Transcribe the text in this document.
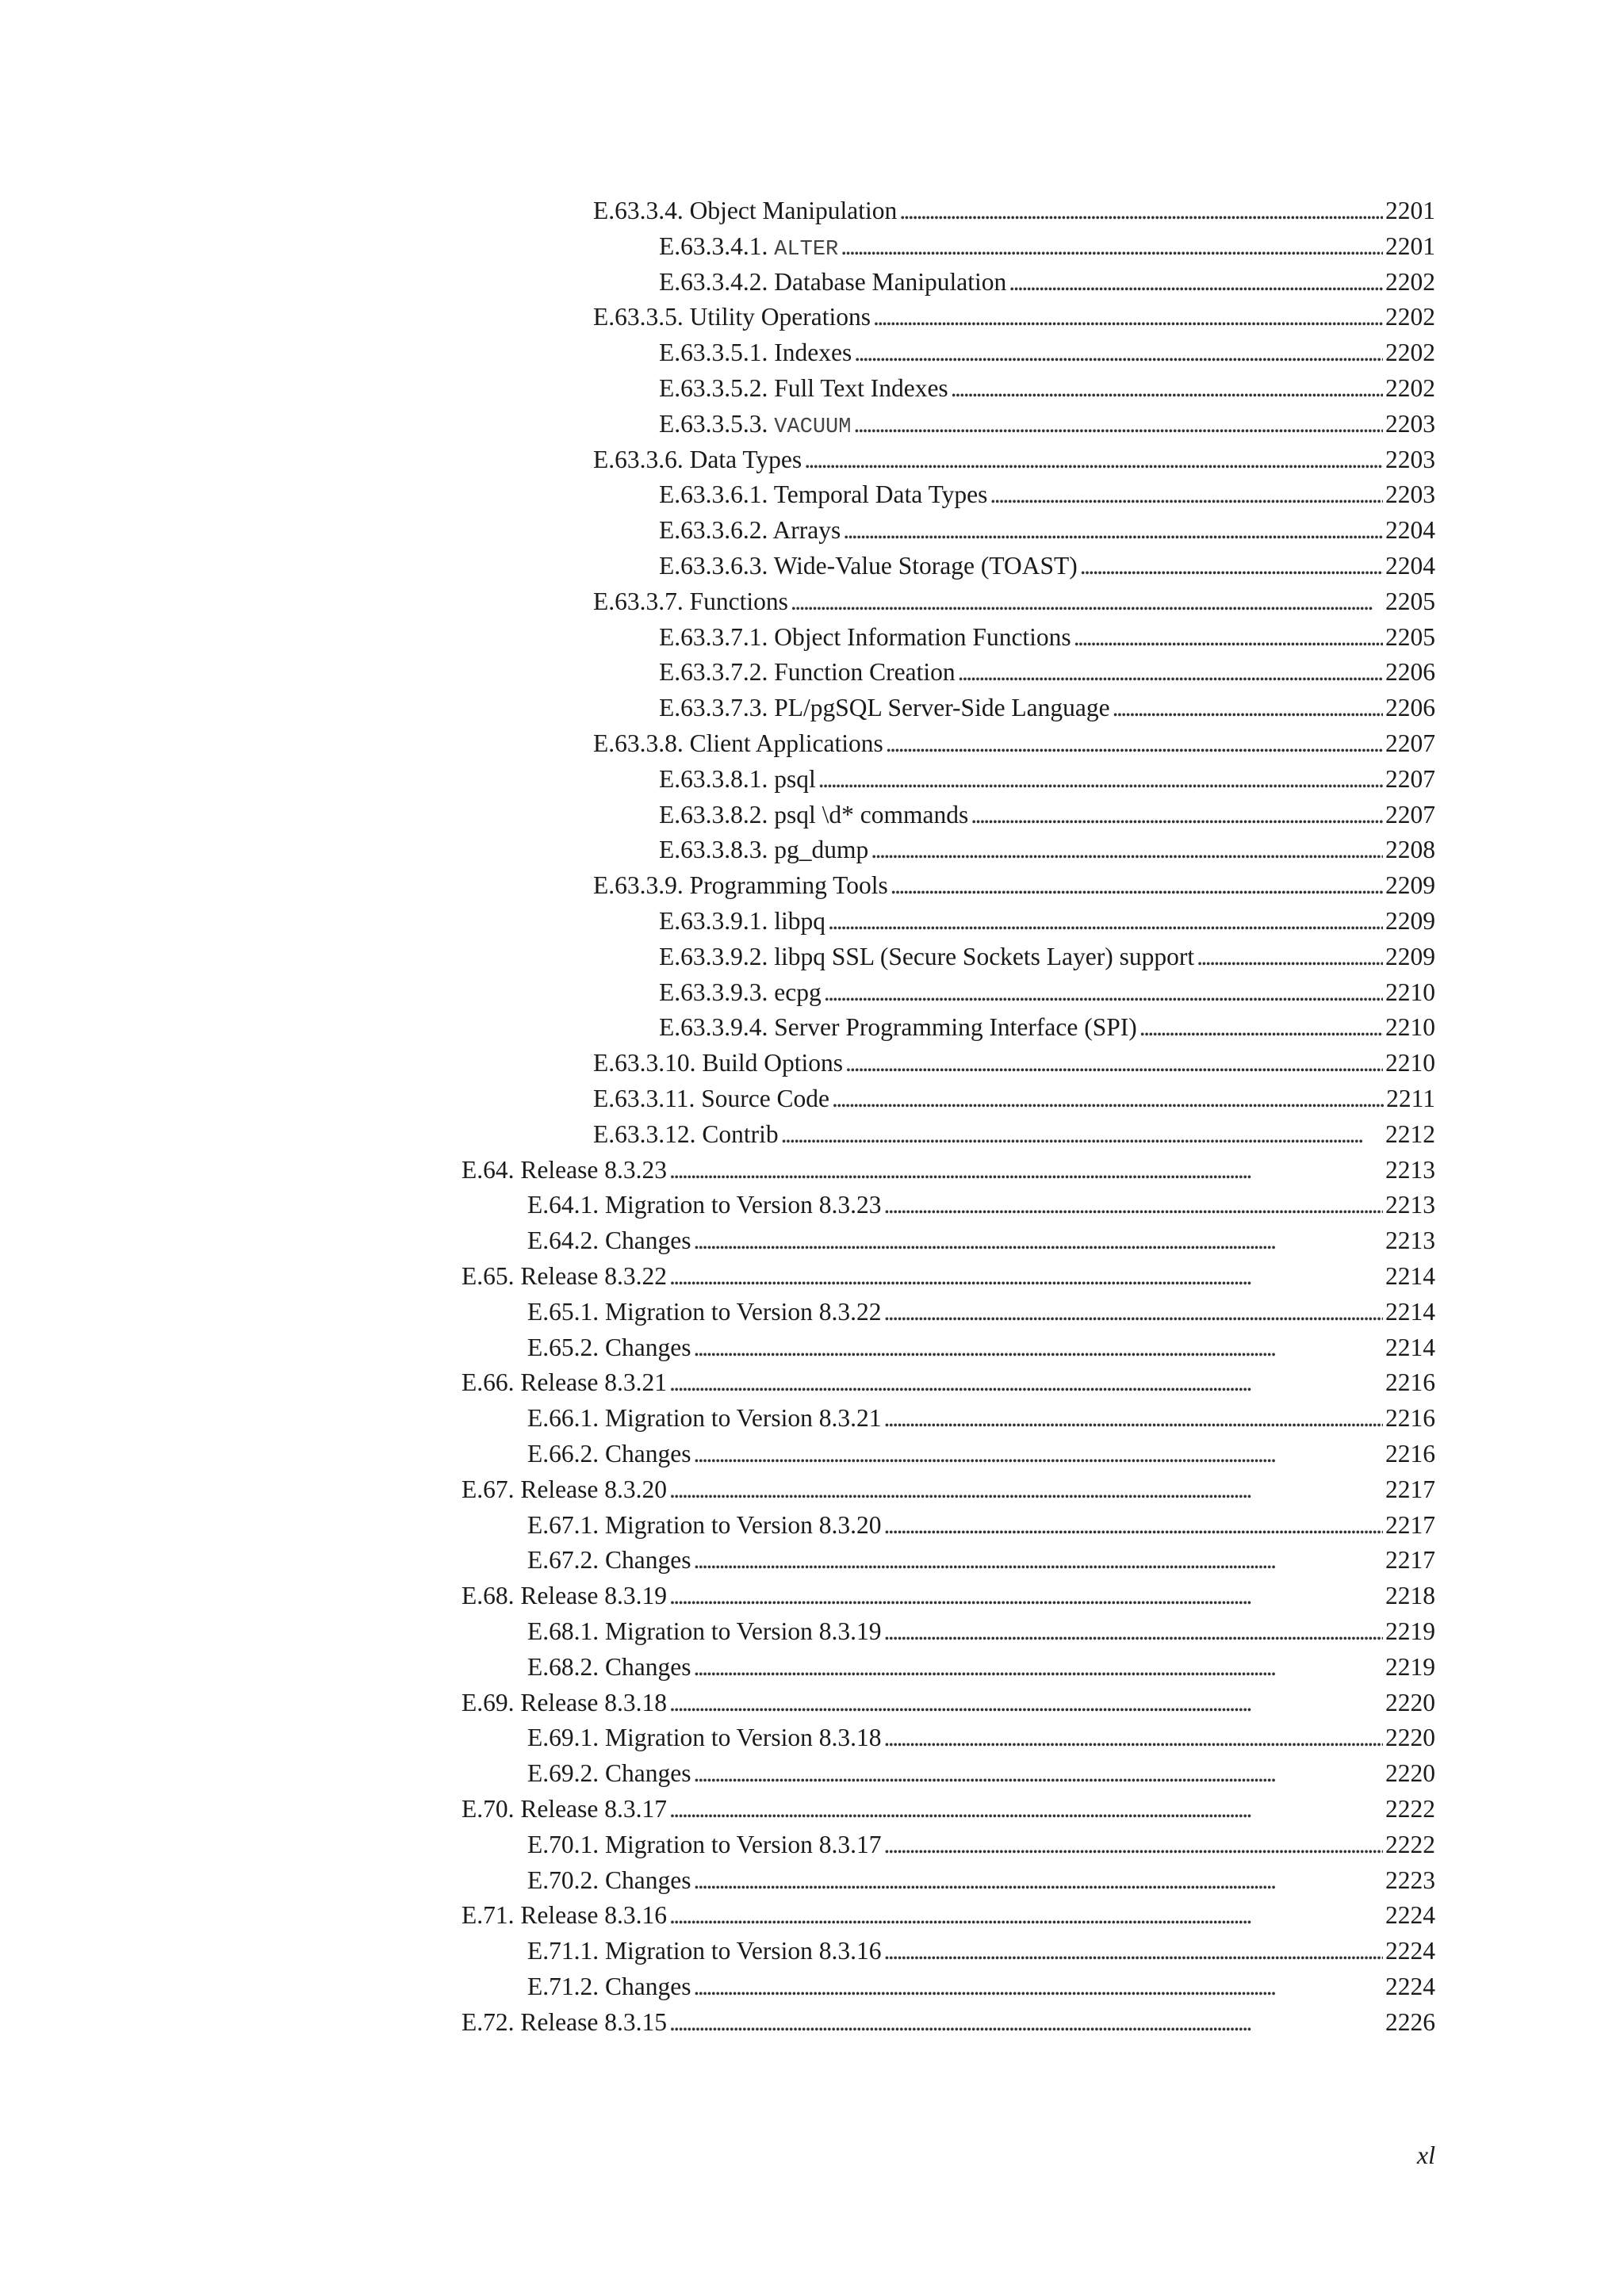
E.63.3.4. Object Manipulation . . .	2201
E.63.3.4.1. ALTER . . .	2201
E.63.3.4.2. Database Manipulation . . .	2202
E.63.3.5. Utility Operations . . .	2202
E.63.3.5.1. Indexes . . .	2202
E.63.3.5.2. Full Text Indexes . . .	2202
E.63.3.5.3. VACUUM . . .	2203
E.63.3.6. Data Types . . .	2203
E.63.3.6.1. Temporal Data Types . . .	2203
E.63.3.6.2. Arrays . . .	2204
E.63.3.6.3. Wide-Value Storage (TOAST) . . .	2204
E.63.3.7. Functions . . .	2205
E.63.3.7.1. Object Information Functions . . .	2205
E.63.3.7.2. Function Creation . . .	2206
E.63.3.7.3. PL/pgSQL Server-Side Language . . .	2206
E.63.3.8. Client Applications . . .	2207
E.63.3.8.1. psql . . .	2207
E.63.3.8.2. psql \d* commands . . .	2207
E.63.3.8.3. pg_dump . . .	2208
E.63.3.9. Programming Tools . . .	2209
E.63.3.9.1. libpq . . .	2209
E.63.3.9.2. libpq SSL (Secure Sockets Layer) support . . .	2209
E.63.3.9.3. ecpg . . .	2210
E.63.3.9.4. Server Programming Interface (SPI) . . .	2210
E.63.3.10. Build Options . . .	2210
E.63.3.11. Source Code . . .	2211
E.63.3.12. Contrib . . .	2212
E.64. Release 8.3.23 . . .	2213
E.64.1. Migration to Version 8.3.23 . . .	2213
E.64.2. Changes . . .	2213
E.65. Release 8.3.22 . . .	2214
E.65.1. Migration to Version 8.3.22 . . .	2214
E.65.2. Changes . . .	2214
E.66. Release 8.3.21 . . .	2216
E.66.1. Migration to Version 8.3.21 . . .	2216
E.66.2. Changes . . .	2216
E.67. Release 8.3.20 . . .	2217
E.67.1. Migration to Version 8.3.20 . . .	2217
E.67.2. Changes . . .	2217
E.68. Release 8.3.19 . . .	2218
E.68.1. Migration to Version 8.3.19 . . .	2219
E.68.2. Changes . . .	2219
E.69. Release 8.3.18 . . .	2220
E.69.1. Migration to Version 8.3.18 . . .	2220
E.69.2. Changes . . .	2220
E.70. Release 8.3.17 . . .	2222
E.70.1. Migration to Version 8.3.17 . . .	2222
E.70.2. Changes . . .	2223
E.71. Release 8.3.16 . . .	2224
E.71.1. Migration to Version 8.3.16 . . .	2224
E.71.2. Changes . . .	2224
E.72. Release 8.3.15 . . .	2226
xl
